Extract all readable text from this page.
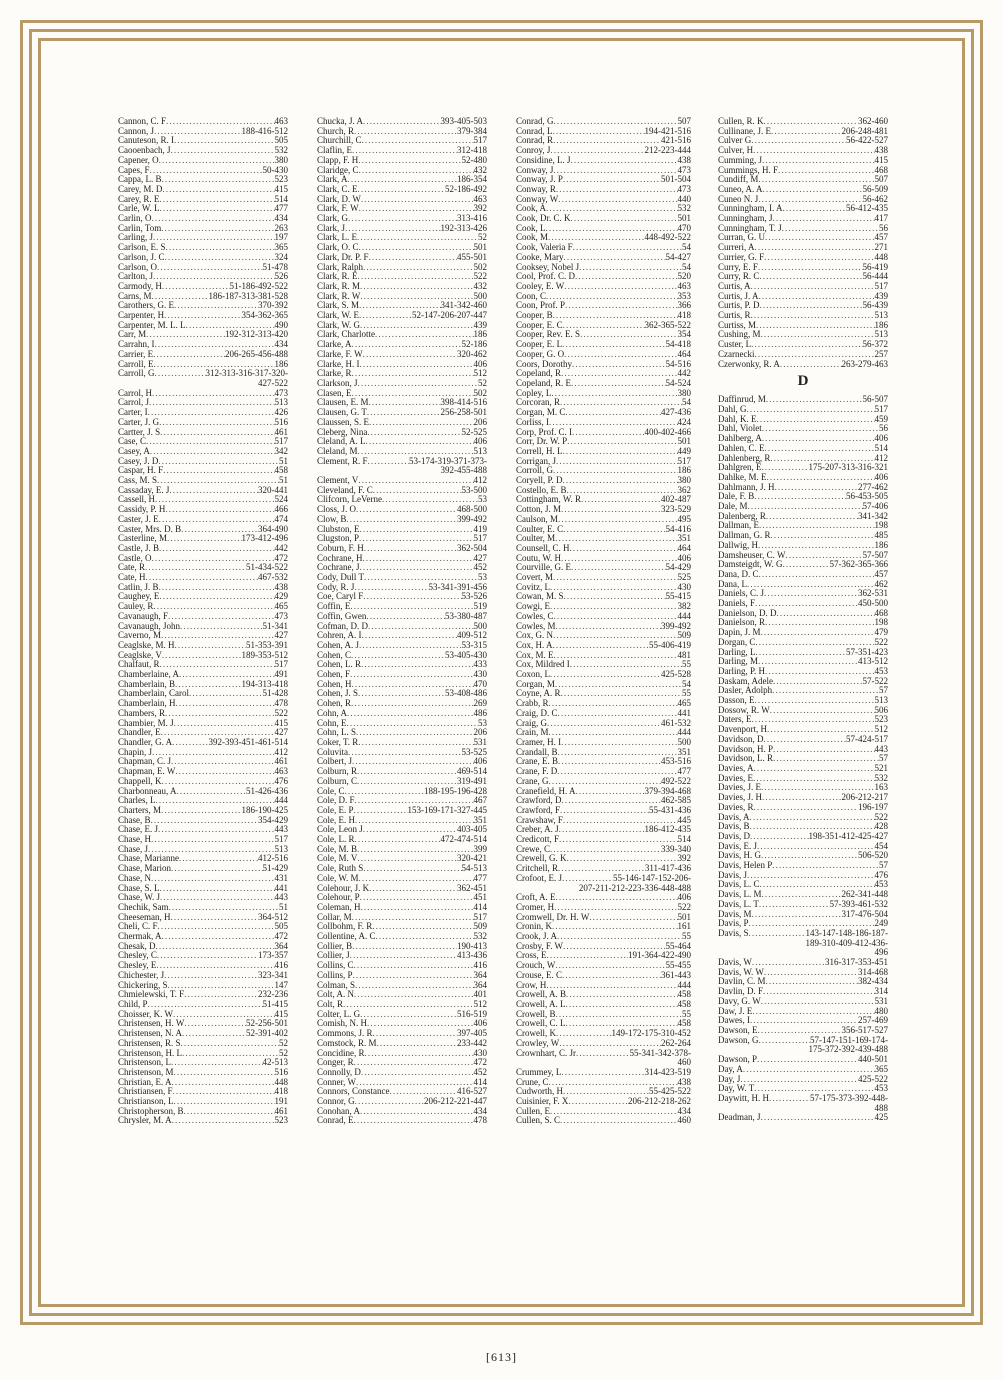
Cannon, C. F .....	463
Cannon, J .....	188-416-512
Canuteson, R. I .....	505
Caooenbach, J .....	532
Capener, O .....	380
Capes, F .....	50-430
Cappa, L. B .....	523
Carey, M. D .....	415
Carey, R. E .....	514
Carle, W. L .....	477
Carlin, O .....	434
Carlin, Tom .....	263
Carling, J .....	197
Carlson, E. S .....	365
Carlson, J. C .....	324
Carlson, O .....	51-478
Carlton, J .....	526
Carmody, H .....	51-186-492-522
Carns, M .....	186-187-313-381-528
Carothers, G. E .....	370-392
Carpenter, H .....	354-362-365
Carpenter, M. L. L .....	490
Carr, M .....	192-312-313-420
Carrahn, I .....	434
Carrier, E .....	206-265-456-488
Carroll, E .....	186
Carroll, G .....	312-313-316-317-320-
427-522
Carrol, H .....	473
Carrol, J .....	513
Carter, I .....	426
Carter, J. G .....	516
Cartter, J. S .....	461
Case, C .....	517
Casey, A .....	342
Casey, J. D .....	51
Caspar, H. F .....	458
Cass, M. S .....	51
Cassaday, E. J .....	320-441
Cassell, H .....	524
Cassidy, P. H .....	466
Caster, J. E .....	474
Caster, Mrs. D. B .....	364-490
Casterline, M .....	173-412-496
Castle, J. B .....	442
Castle, O .....	472
Cate, R .....	51-434-522
Cate, H .....	467-532
Catlin, J. B .....	438
Caughey, E .....	429
Cauley, R .....	465
Cavanaugh, F .....	473
Cavanaugh, John .....	51-341
Caverno, M .....	427
Ceaglske, M. H .....	51-353-391
Ceaglske, V .....	189-353-512
Chalfaut, R .....	517
Chamberlaine, A .....	491
Chamberlain, B .....	194-313-418
Chamberlain, Carol .....	51-428
Chamberlain, H .....	478
Chambers, R .....	522
Chambier, M. J .....	415
Chandler, E .....	427
Chandler, G. A .....	392-393-451-461-514
Chapin, J .....	412
Chapman, C. J .....	461
Chapman, E. W .....	463
Chappell, K .....	476
Charbonneau, A .....	51-426-436
Charles, L .....	444
Charters, M .....	186-190-425
Chase, B .....	354-429
Chase, E. J .....	443
Chase, H .....	517
Chase, J .....	513
Chase, Marianne .....	412-516
Chase, Marion .....	51-429
Chase, N .....	431
Chase, S. L .....	441
Chase, W. J .....	443
Chechik, Sam .....	51
Cheeseman, H .....	364-512
Cheli, C. F .....	505
Chermak, A .....	472
Chesak, D .....	364
Chesley, C .....	173-357
Chesley, E .....	416
Chichester, J .....	323-341
Chickering, S .....	147
Chmielewski, T. F .....	232-236
Child, P .....	51-415
Choisser, K. W .....	415
Christensen, H. W .....	52-256-501
Christensen, N. A .....	52-391-402
Christensen, R. S .....	52
Christenson, H. L .....	52
Christenson, L .....	42-513
Christenson, M .....	516
Christian, E. A .....	448
Christiansen, F .....	418
Christianson, L .....	191
Christopherson, B .....	461
Chrysler, M. A .....	523
Chucka, J. A .....	393-405-503
Church, R .....	379-384
Churchill, C .....	517
Claflin, E .....	312-418
Clapp, F. H .....	52-480
Claridge, C .....	432
Clark, A .....	186-354
Clark, C. E .....	52-186-492
Clark, D. W .....	463
Clark, F. W .....	392
Clark, G .....	313-416
Clark, J .....	192-313-426
Clark, L. E .....	52
Clark, O. C .....	501
Clark, Dr. P. F .....	455-501
Clark, Ralph .....	502
Clark, R. E .....	522
Clark, R. M .....	432
Clark, R. W .....	500
Clark, S. M .....	341-342-460
Clark, W. E .....	52-147-206-207-447
Clark, W. G .....	439
Clark, Charlotte .....	186
Clarke, A .....	52-186
Clarke, F. W .....	320-462
Clarke, H. I .....	406
Clarke, R .....	512
Clarkson, J .....	52
Clasen, E .....	502
Clausen, E. M .....	398-414-516
Clausen, G. T .....	256-258-501
Claussen, S. E .....	206
Cleberg, Nina .....	52-525
Cleland, A. L .....	406
Cleland, M .....	513
Clement, R. F .....	53-174-319-371-373-
392-455-488
Clement, V .....	412
Cleveland, F. C .....	53-500
Clifcorn, LeVerne .....	53
Closs, J. O .....	468-500
Clow, B .....	399-492
Clubston, E .....	419
Clugston, P .....	517
Coburn, F. H .....	362-504
Cochrane, H .....	427
Cochrane, J .....	452
Cody, Dull T .....	53
Cody, R. J .....	53-341-391-456
Coe, Caryl F .....	53-526
Coffin, E .....	519
Coffin, Gwen .....	53-380-487
Cofman, D. D .....	500
Cohren, A. I .....	409-512
Cohen, A. J .....	53-315
Cohen, C .....	53-405-430
Cohen, L. R .....	433
Cohen, F .....	430
Cohen, H .....	470
Cohen, J. S .....	53-408-486
Cohen, R .....	269
Cohn, A .....	486
Cohn, E .....	53
Cohn, L. S .....	206
Coker, T. R .....	531
Coluvita .....	53-525
Colbert, J .....	406
Colburn, R .....	469-514
Colburn, C .....	319-491
Cole, C .....	188-195-196-428
Cole, D. F .....	467
Cole, E. P .....	153-169-171-327-445
Cole, E. H .....	351
Cole, Leon J .....	403-405
Cole, L. R .....	472-474-514
Cole, M. B .....	399
Cole, M. V .....	320-421
Cole, Ruth S .....	54-513
Cole, W. M .....	477
Colehour, J. K .....	362-451
Colehour, P .....	451
Coleman, H .....	414
Collar, M .....	517
Collbohm, F. R .....	509
Collentine, A. C .....	532
Collier, B .....	190-413
Collier, J .....	413-436
Collins, C .....	416
Collins, P .....	364
Colman, S .....	364
Colt, A. N .....	401
Colt, R .....	512
Colter, L. G .....	516-519
Comish, N. H .....	406
Commons, J. R .....	397-405
Comstock, R. M .....	233-442
Concidine, R .....	430
Conger, R .....	472
Connolly, D .....	452
Conner, W .....	414
Connors, Constance .....	416-527
Connor, G .....	206-212-221-447
Conohan, A .....	434
Conrad, E .....	478
Conrad, G .....	507
Conrad, L .....	194-421-516
Conrad, R .....	421-516
Conroy, J .....	212-223-444
Considine, L. J .....	438
Conway, J .....	473
Conway, J. P .....	501-504
Conway, R .....	473
Conway, W .....	440
Cook, A .....	532
Cook, Dr. C. K .....	501
Cook, L .....	470
Cook, M .....	448-492-522
Cook, Valeria F .....	54
Cooke, Mary .....	54-427
Cooksey, Nobel J .....	54
Cool, Prof. C. D .....	520
Cooley, E. W .....	463
Coon, C .....	353
Coon, Prof. P .....	366
Cooper, B .....	418
Cooper, E. C .....	362-365-522
Cooper, Rev. E. S .....	354
Cooper, E. L .....	54-418
Cooper, G. O .....	464
Coors, Dorothy .....	54-516
Copeland, R .....	442
Copeland, R. E .....	54-524
Copley, L .....	380
Corcoran, R .....	54
Corgan, M. C .....	427-436
Corliss, I .....	424
Corp, Prof. C. I .....	400-402-466
Corr, Dr. W. P .....	501
Correll, H. L .....	449
Corrigan, J .....	517
Corroll, G .....	186
Coryell, P. D .....	380
Costello, E. B .....	362
Cottingham, W. R .....	402-487
Cotton, J. M .....	323-529
Caulson, M .....	495
Coulter, E. C .....	54-416
Coulter, M .....	351
Counsell, C. H .....	464
Coutu, W. H .....	406
Courville, G. E .....	54-429
Covert, M .....	525
Covitz, L .....	430
Cowan, M. S .....	55-415
Cowgi, E .....	382
Cowles, C .....	444
Cowles, M .....	399-492
Cox, G. N .....	509
Cox, H. A .....	55-406-419
Cox, M. E .....	481
Cox, Mildred I .....	55
Coxon, L .....	425-528
Corgan, M .....	54
Coyne, A. R .....	55
Crabb, R .....	465
Craig, D. C .....	441
Craig, G .....	461-532
Crain, M .....	444
Cramer, H. I .....	500
Crandall, B .....	351
Crane, E. B .....	453-516
Crane, F. D .....	477
Crane, G .....	492-522
Cranefield, H. A .....	379-394-468
Crawford, D .....	462-585
Crawford, F .....	55-431-436
Crawshaw, F .....	445
Creber, A. J .....	186-412-435
Credicott, F .....	514
Crewe, C .....	339-340
Crewell, G. K .....	392
Critchell, R .....	311-417-436
Crofoot, E. J .....	55-146-147-152-206-
207-211-212-223-336-448-488
Croft, A. E .....	406
Cromer, H .....	522
Cromwell, Dr. H. W .....	501
Cronin, K .....	161
Crook, J. A .....	55
Crosby, F. W .....	55-464
Cross, E .....	191-364-422-490
Crouch, W .....	55-455
Crouse, E. C .....	361-443
Crow, H .....	444
Crowell, A. B .....	458
Crowell, A. L .....	458
Crowell, B .....	55
Crowell, C. L .....	458
Crowell, K .....	149-172-175-310-452
Crowley, W .....	262-264
Crownhart, C. Jr .....	55-341-342-378-
460
Crummey, L .....	314-423-519
Crune, C .....	438
Cudworth, H .....	55-425-522
Cuisinier, F. X .....	206-212-218-262
Cullen, E .....	434
Cullen, S. C .....	460
Cullen, R. K .....	362-460
Cullinane, J. E .....	206-248-481
Culver G .....	56-422-527
Culver, H .....	438
Cumming, J .....	415
Cummings, H. F .....	468
Cundiff, M .....	507
Cuneo, A. A .....	56-509
Cuneo N. J .....	56-462
Cunningham, I. A .....	56-412-435
Cunningham, J .....	417
Cunningham, T. J .....	56
Curran, G. U .....	457
Curreri, A .....	271
Currier, G. F .....	448
Curry, E. F .....	56-419
Curry, R. C .....	56-444
Curtis, A .....	517
Curtis, J. A .....	439
Curtis, P. D .....	56-439
Curtis, R .....	513
Curtiss, M .....	186
Cushing, M .....	513
Custer, L .....	56-372
Czarnecki .....	257
Czerwonky, R. A .....	263-279-463
D
Daffinrud, M .....	56-507
Dahl, G .....	517
Dahl, K. E .....	459
Dahl, Violet .....	56
Dahlberg, A .....	406
Dahlen, C. E .....	514
Dahlenberg, R .....	412
Dahlgren, E .....	175-207-313-316-321
Dahlke, M. E .....	406
Dahlmann, J. H .....	277-462
Dale, F. B .....	56-453-505
Dale, M .....	57-406
Dalenberg, R .....	341-342
Dallman, E .....	198
Dallman, G. R .....	485
Dallwig, H .....	186
Damsheuser, C. W .....	57-507
Damsteigdt, W. G .....	57-362-365-366
Dana, D. C .....	457
Dana, L .....	462
Daniels, C. J .....	362-531
Daniels, F .....	450-500
Danielson, D. D .....	468
Danielson, R .....	198
Dapin, J. M .....	479
Dorgan, C .....	522
Darling, L .....	57-351-423
Darling, M .....	413-512
Darling, P. H .....	453
Daskam, Adele .....	57-522
Dasler, Adolph .....	57
Dasson, E .....	513
Dossow, R. W .....	506
Daters, E .....	523
Davenport, H .....	512
Davidson, D .....	57-424-517
Davidson, H. P .....	443
Davidson, L. R .....	57
Davies, A .....	521
Davies, E .....	532
Davies, J. E .....	163
Davies, J. H .....	206-212-217
Davies, R .....	196-197
Davis, A .....	522
Davis, B .....	428
Davis, D .....	198-351-412-425-427
Davis, E. J .....	454
Davis, H. G .....	506-520
Davis, Helen P .....	57
Davis, J .....	476
Davis, L. C .....	453
Davis, L. M .....	262-341-448
Davis, L. T .....	57-393-461-532
Davis, M .....	317-476-504
Davis, P .....	249
Davis, S .....	143-147-148-186-187-
189-310-409-412-436-
496
Davis, W .....	316-317-353-451
Davis, W. W .....	314-468
Davlin, C. M .....	382-434
Davlin, D. F .....	314
Davy, G. W .....	531
Daw, J. E .....	480
Dawes, I .....	257-469
Dawson, E .....	356-517-527
Dawson, G .....	57-147-151-169-174-
175-372-392-439-488
Dawson, P .....	440-501
Day, A .....	365
Day, J .....	425-522
Day, W. T .....	453
Daywitt, H. H .....	57-175-373-392-448-
488
Deadman, J .....	425
[613]
